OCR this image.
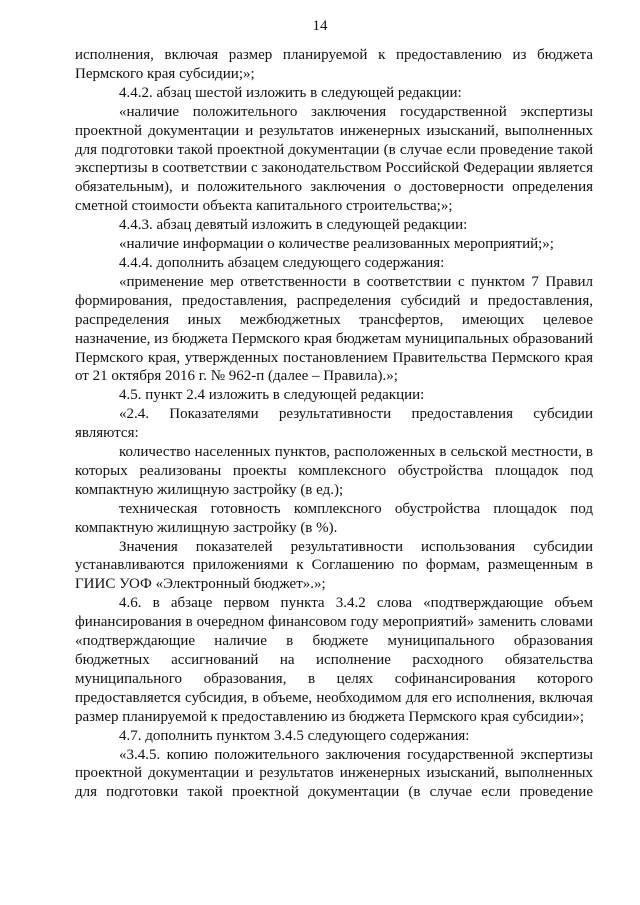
14

исполнения, включая размер планируемой к предоставлению из бюджета Пермского края субсидии;»;

4.4.2. абзац шестой изложить в следующей редакции:

«наличие положительного заключения государственной экспертизы проектной документации и результатов инженерных изысканий, выполненных для подготовки такой проектной документации (в случае если проведение такой экспертизы в соответствии с законодательством Российской Федерации является обязательным), и положительного заключения о достоверности определения сметной стоимости объекта капитального строительства;»;

4.4.3. абзац девятый изложить в следующей редакции:

«наличие информации о количестве реализованных мероприятий;»;

4.4.4. дополнить абзацем следующего содержания:

«применение мер ответственности в соответствии с пунктом 7 Правил формирования, предоставления, распределения субсидий и предоставления, распределения иных межбюджетных трансфертов, имеющих целевое назначение, из бюджета Пермского края бюджетам муниципальных образований Пермского края, утвержденных постановлением Правительства Пермского края от 21 октября 2016 г. № 962-п (далее – Правила).»;

4.5. пункт 2.4 изложить в следующей редакции:

«2.4. Показателями результативности предоставления субсидии являются:

количество населенных пунктов, расположенных в сельской местности, в которых реализованы проекты комплексного обустройства площадок под компактную жилищную застройку (в ед.);

техническая готовность комплексного обустройства площадок под компактную жилищную застройку (в %).

Значения показателей результативности использования субсидии устанавливаются приложениями к Соглашению по формам, размещенным в ГИИС УОФ «Электронный бюджет».»;

4.6. в абзаце первом пункта 3.4.2 слова «подтверждающие объем финансирования в очередном финансовом году мероприятий» заменить словами «подтверждающие наличие в бюджете муниципального образования бюджетных ассигнований на исполнение расходного обязательства муниципального образования, в целях софинансирования которого предоставляется субсидия, в объеме, необходимом для его исполнения, включая размер планируемой к предоставлению из бюджета Пермского края субсидии»;

4.7. дополнить пунктом 3.4.5 следующего содержания:

«3.4.5. копию положительного заключения государственной экспертизы проектной документации и результатов инженерных изысканий, выполненных для подготовки такой проектной документации (в случае если проведение
